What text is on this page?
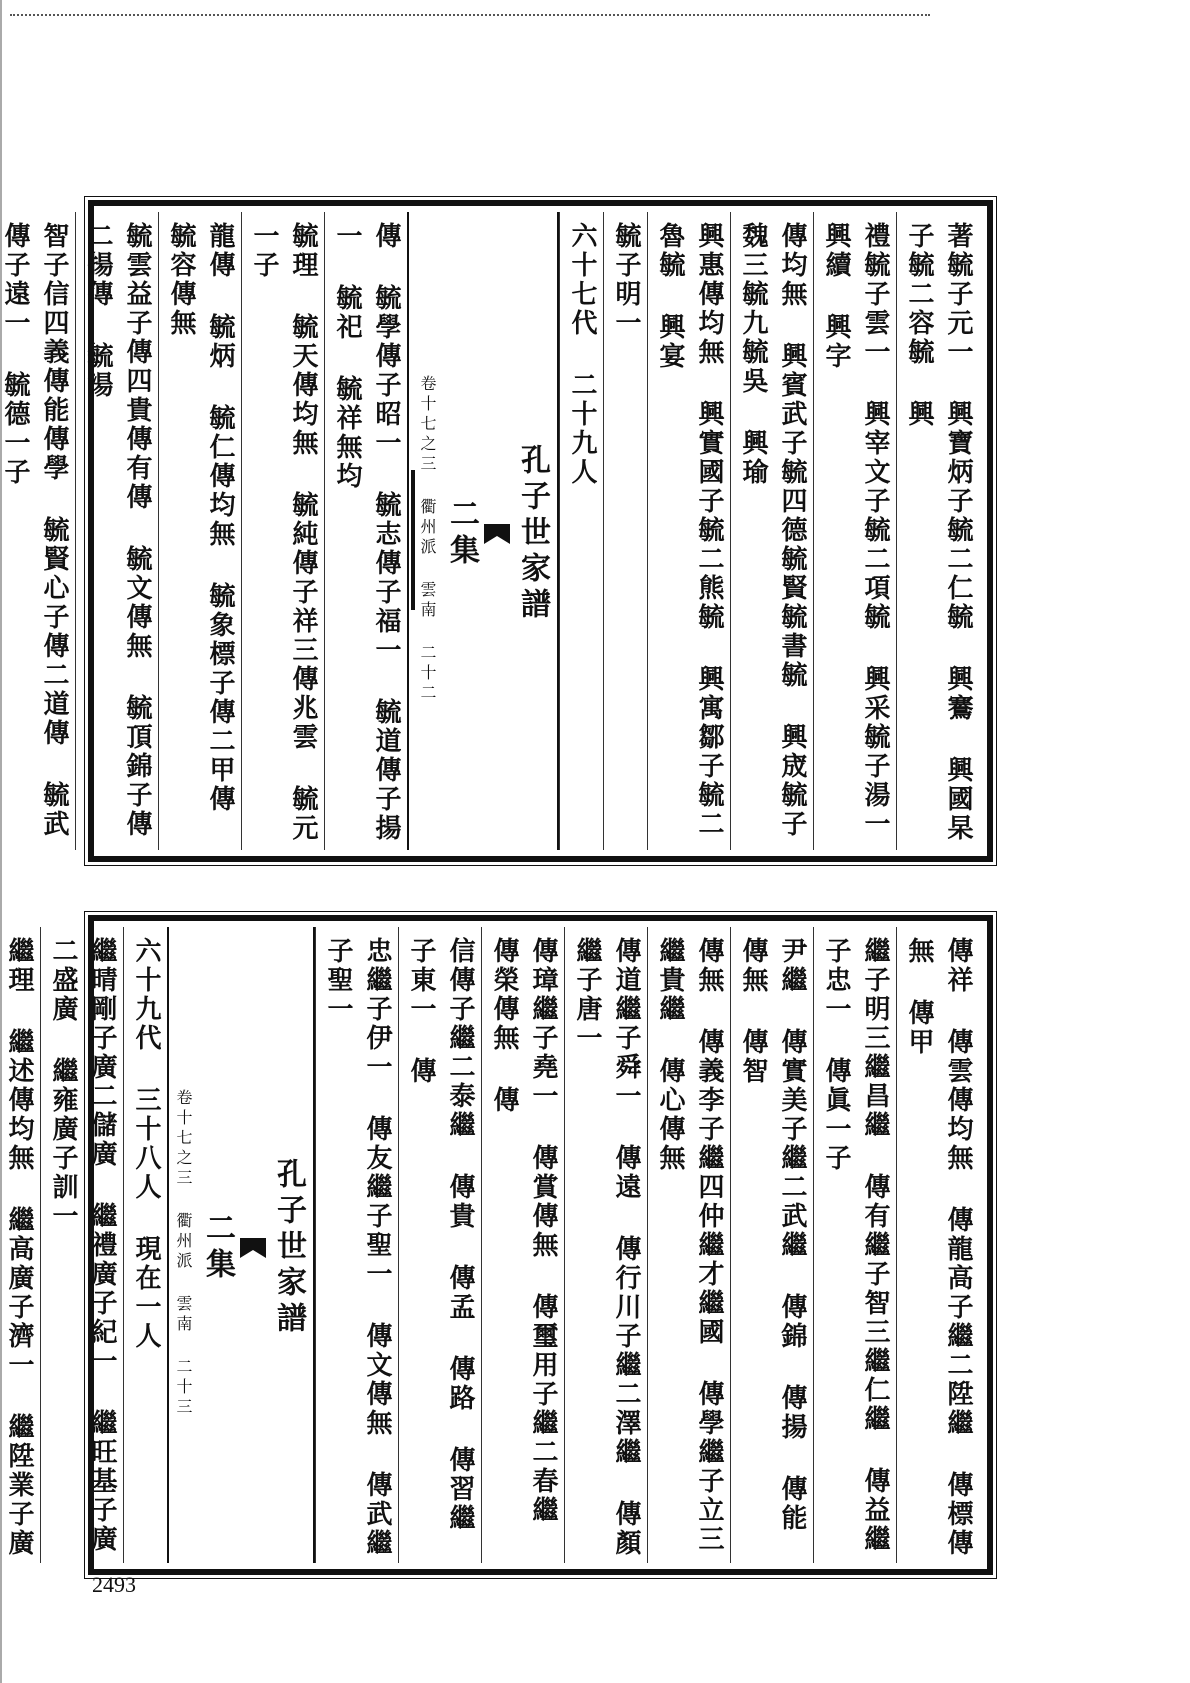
著毓子元一 興寶炳子毓二仁毓 興鶱 興國杲子毓二容毓 興
禮毓子雲一 興宰文子毓二項毓 興采毓子湯一 興續 興字
傳均無 興賓武子毓四德毓賢毓書毓 興宬毓子魏三毓九毓吳 興瑜
興惠傳均無 興實國子毓二熊毓 興寓鄒子毓二魯毓 興宴
毓子明一
六十七代 二十九人
孔子世家譜
二集
卷十七之三 衢州派 雲南 二十二
傳 毓學傳子昭一 毓志傳子福一 毓道傳子揚一 毓祀 毓祥無均
毓理 毓天傳均無 毓純傳子祥三傳兆雲 毓元一子
龍傳 毓炳 毓仁傳均無 毓象標子傳二甲傳 毓容傳無
毓雲益子傳四貴傳有傳 毓文傳無 毓頂錦子傳二揚傳 毓湯
智子信四義傳能傳學 毓賢心子傳二道傳 毓武傳子遠一 毓德一子
傳祥 傳雲傳均無 傳龍高子繼二陞繼 傳標傳無 傳甲
繼子明三繼昌繼 傳有繼子智三繼仁繼 傳益繼子忠一 傳眞一子
尹繼 傳實美子繼二武繼 傳錦 傳揚 傳能傳無 傳智
傳無 傳義李子繼四仲繼才繼國 傳學繼子立三繼貴繼 傳心傳無
傳道繼子舜一 傳遠 傳行川子繼二澤繼 傳顏繼子唐一
傳璋繼子堯一 傳賞傳無 傳璽用子繼二春繼 傳榮傳無 傳
信傳子繼二泰繼 傳貴 傳孟 傳路 傳習繼子東一 傳
忠繼子伊一 傳友繼子聖一 傳文傳無 傳武繼子聖一
孔子世家譜
二集
卷十七之三 衢州派 雲南 二十三
六十九代 三十八人 現在一人
繼晴剛子廣二儲廣 繼禮廣子紀一 繼旺基子廣二盛廣 繼雍廣子訓一
繼理 繼述傳均無 繼高廣子濟一 繼陞業子廣
2493
